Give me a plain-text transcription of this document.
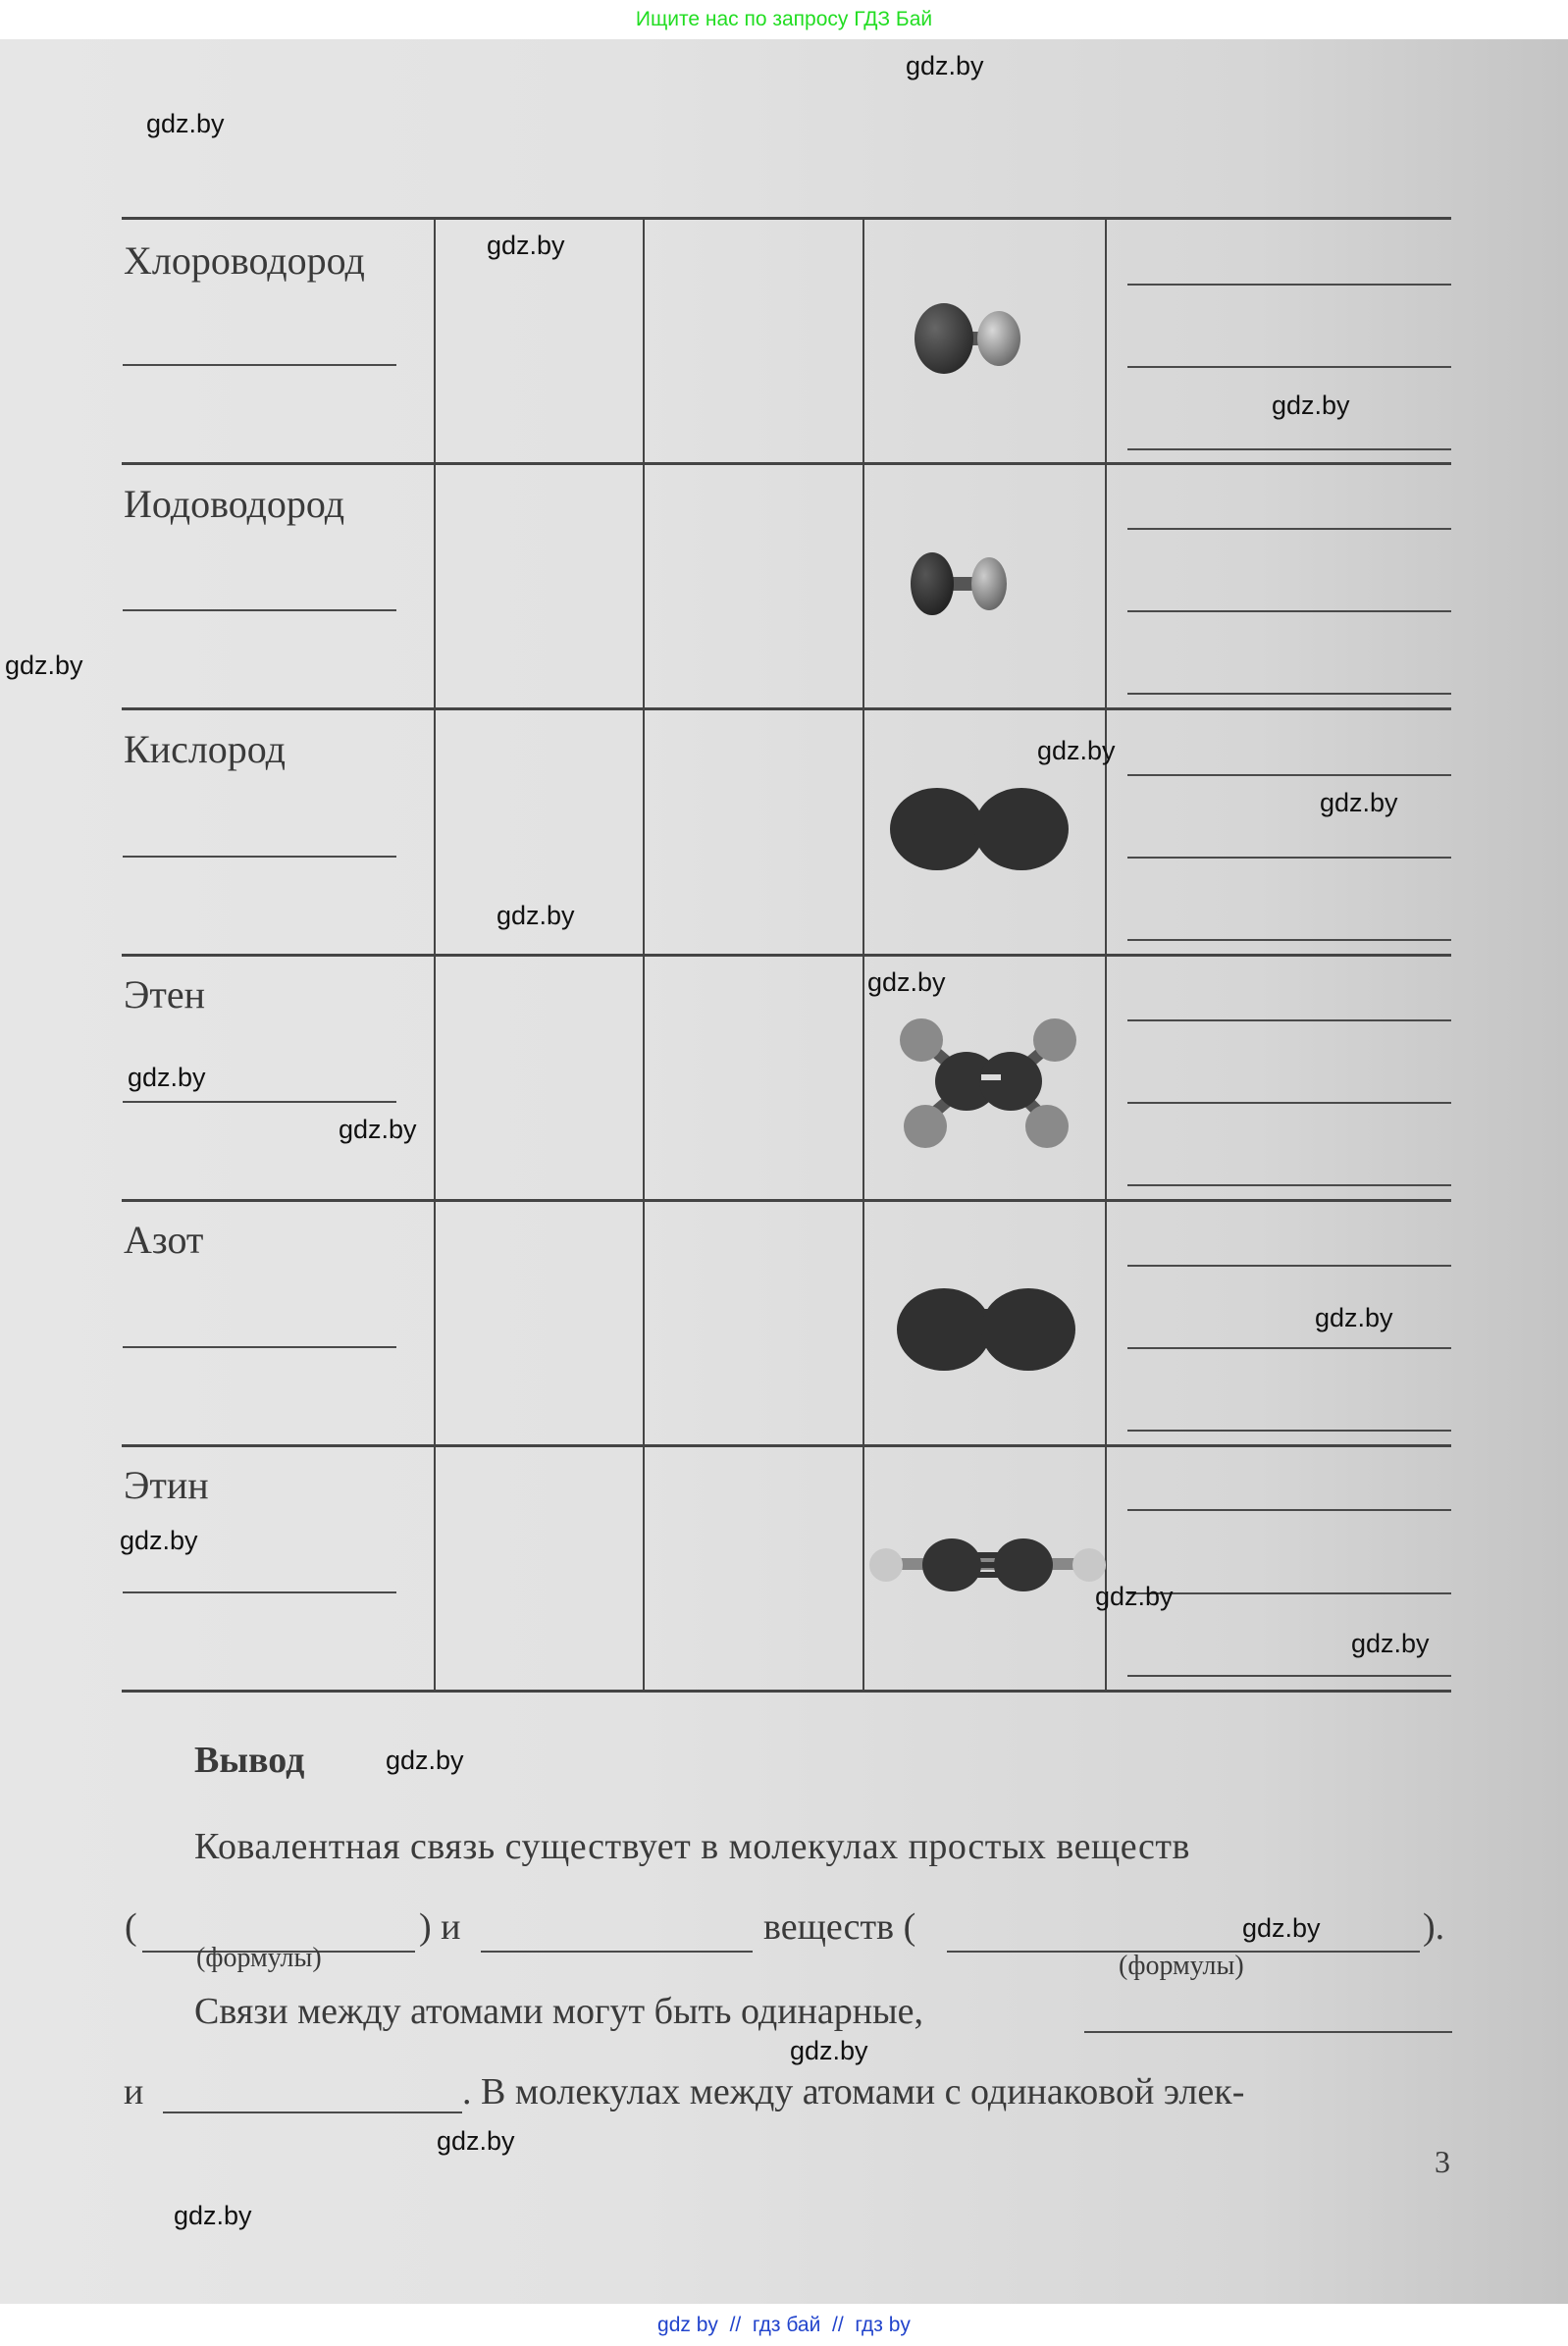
Ищите нас по запросу ГДЗ Бай
Хлороводород
Иодоводород
Кислород
Этен
Азот
Этин
Вывод
Ковалентная связь существует в молекулах простых веществ
(	) и	веществ (	).
(формулы)	(формулы)
Связи между атомами могут быть одинарные,
и	. В молекулах между атомами с одинаковой элек-
3
gdz.by
gdz.by
gdz.by
gdz.by
gdz.by
gdz.by
gdz.by
gdz.by
gdz.by
gdz.by
gdz.by
gdz.by
gdz.by
gdz.by
gdz.by
gdz.by
gdz.by
gdz.by
gdz.by
gdz.by
gdz by  //  гдз бай  //  гдз by
